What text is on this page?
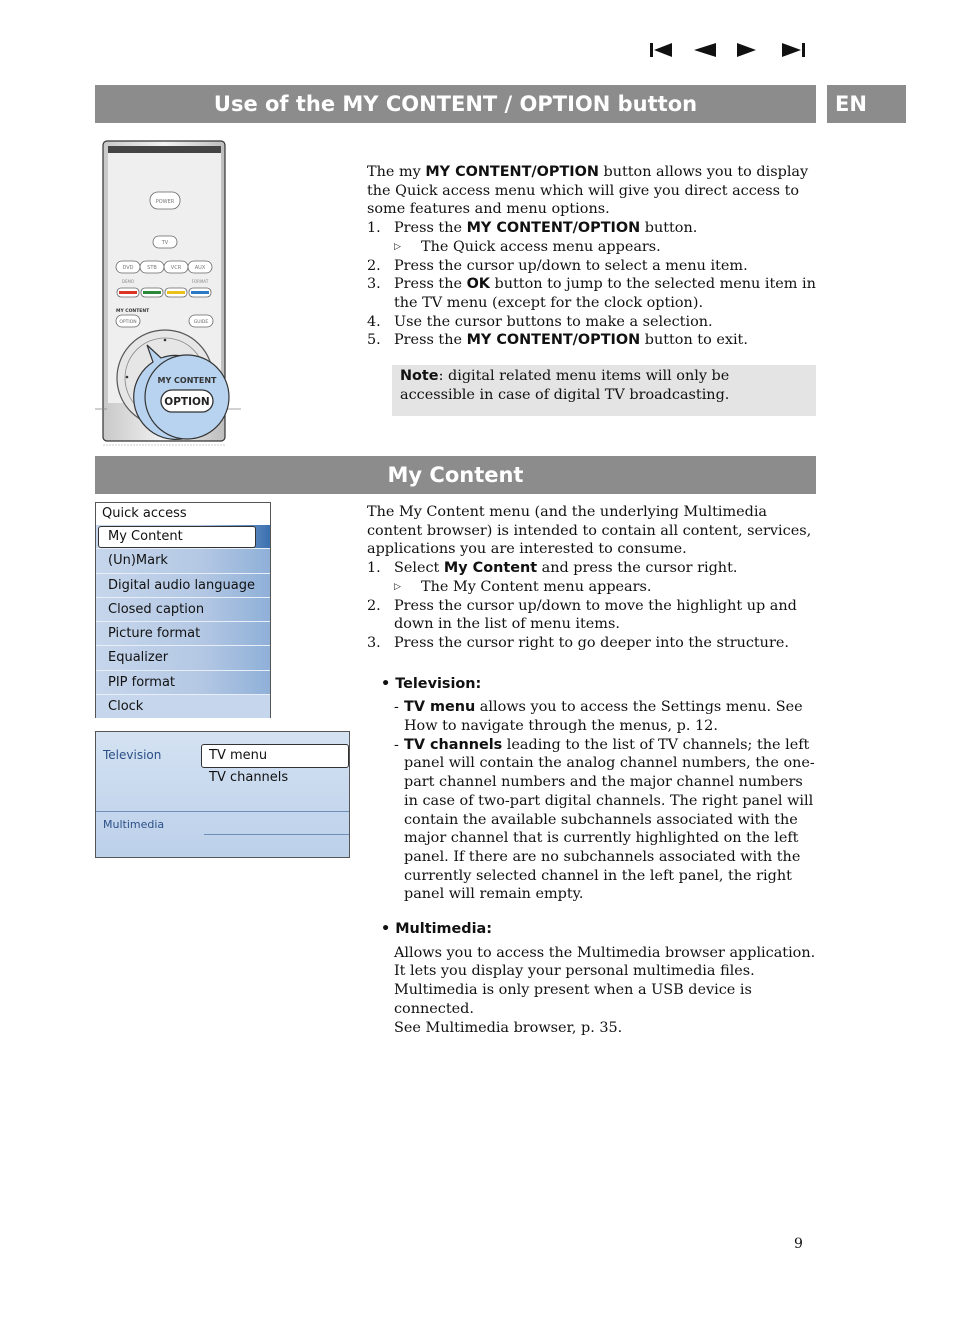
Use of the MY CONTENT / OPTION button	EN
POWER
TV
DVD	STB	VCR	AUX
DEMO	FORMAT
MY CONTENT
OPTION	GUIDE
MY CONTENT
OPTION
The my MY CONTENT/OPTION button allows you to display the Quick access menu which will give you direct access to some features and menu options.
1. Press the MY CONTENT/OPTION button.
▷ The Quick access menu appears.
2. Press the cursor up/down to select a menu item.
3. Press the OK button to jump to the selected menu item in the TV menu (except for the clock option).
4. Use the cursor buttons to make a selection.
5. Press the MY CONTENT/OPTION button to exit.
Note: digital related menu items will only be accessible in case of digital TV broadcasting.
My Content
Quick access
My Content
(Un)Mark
Digital audio language
Closed caption
Picture format
Equalizer
PIP format
Clock
Television	TV menu
TV channels
Multimedia
The My Content menu (and the underlying Multimedia content browser) is intended to contain all content, services, applications you are interested to consume.
1. Select My Content and press the cursor right.
▷ The My Content menu appears.
2. Press the cursor up/down to move the highlight up and down in the list of menu items.
3. Press the cursor right to go deeper into the structure.
• Television:
- TV menu allows you to access the Settings menu. See How to navigate through the menus, p. 12.
- TV channels leading to the list of TV channels; the left panel will contain the analog channel numbers, the one-part channel numbers and the major channel numbers in case of two-part digital channels. The right panel will contain the available subchannels associated with the major channel that is currently highlighted on the left panel. If there are no subchannels associated with the currently selected channel in the left panel, the right panel will remain empty.
• Multimedia:
Allows you to access the Multimedia browser application. It lets you display your personal multimedia files. Multimedia is only present when a USB device is connected.
See Multimedia browser, p. 35.
9
